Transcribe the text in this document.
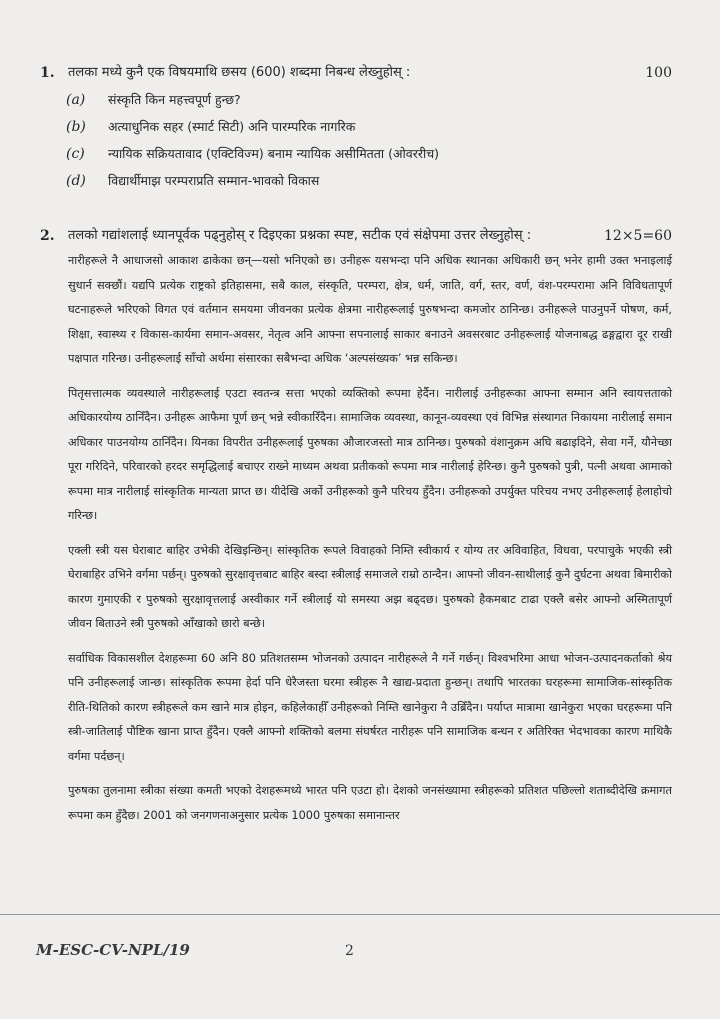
1. तलका मध्ये कुनै एक विषयमाथि छसय (600) शब्दमा निबन्ध लेख्नुहोस् :	100
(a)	संस्कृति किन महत्त्वपूर्ण हुन्छ?
(b)	अत्याधुनिक सहर (स्मार्ट सिटी) अनि पारम्परिक नागरिक
(c)	न्यायिक सक्रियतावाद (एक्टिविज्म) बनाम न्यायिक असीमितता (ओवररीच)
(d)	विद्यार्थीमाझ परम्पराप्रति सम्मान-भावको विकास
2. तलको गद्यांशलाई ध्यानपूर्वक पढ्नुहोस् र दिइएका प्रश्नका स्पष्ट, सटीक एवं संक्षेपमा उत्तर लेख्नुहोस् :	12×5=60

नारीहरूले नै आधाजसो आकाश ढाकेका छन्—यसो भनिएको छ। उनीहरू यसभन्दा पनि अधिक स्थानका अधिकारी छन् भनेर हामी उक्त भनाइलाई सुधार्न सक्छौं। यद्यपि प्रत्येक राष्ट्रको इतिहासमा, सबै काल, संस्कृति, परम्परा, क्षेत्र, धर्म, जाति, वर्ग, स्तर, वर्ण, वंश-परम्परामा अनि विविधतापूर्ण घटनाहरूले भरिएको विगत एवं वर्तमान समयमा जीवनका प्रत्येक क्षेत्रमा नारीहरूलाई पुरुषभन्दा कमजोर ठानिन्छ। उनीहरूले पाउनुपर्ने पोषण, कर्म, शिक्षा, स्वास्थ्य र विकास-कार्यमा समान-अवसर, नेतृत्व अनि आफ्ना सपनालाई साकार बनाउने अवसरबाट उनीहरूलाई योजनाबद्ध ढङ्गद्वारा दूर राखी पक्षपात गरिन्छ। उनीहरूलाई साँचो अर्थमा संसारका सबैभन्दा अधिक ‘अल्पसंख्यक’ भन्न सकिन्छ।

पितृसत्तात्मक व्यवस्थाले नारीहरूलाई एउटा स्वतन्त्र सत्ता भएको व्यक्तिको रूपमा हेर्दैन। नारीलाई उनीहरूका आफ्ना सम्मान अनि स्वायत्तताको अधिकारयोग्य ठानिँदैन। उनीहरू आफैमा पूर्ण छन् भन्ने स्वीकारिँदैन। सामाजिक व्यवस्था, कानून-व्यवस्था एवं विभिन्न संस्थागत निकायमा नारीलाई समान अधिकार पाउनयोग्य ठानिँदैन। यिनका विपरीत उनीहरूलाई पुरुषका औजारजस्तो मात्र ठानिन्छ। पुरुषको वंशानुक्रम अघि बढाइदिने, सेवा गर्ने, यौनेच्छा पूरा गरिदिने, परिवारको हरदर समृद्धिलाई बचाएर राख्ने माध्यम अथवा प्रतीकको रूपमा मात्र नारीलाई हेरिन्छ। कुनै पुरुषको पुत्री, पत्नी अथवा आमाको रूपमा मात्र नारीलाई सांस्कृतिक मान्यता प्राप्त छ। यीदेखि अर्को उनीहरूको कुनै परिचय हुँदैन। उनीहरूको उपर्युक्त परिचय नभए उनीहरूलाई हेलाहोचो गरिन्छ।

एक्ली स्त्री यस घेराबाट बाहिर उभेकी देखिइन्छिन्। सांस्कृतिक रूपले विवाहको निम्ति स्वीकार्य र योग्य तर अविवाहित, विधवा, परपाचुके भएकी स्त्री घेराबाहिर उभिने वर्गमा पर्छन्। पुरुषको सुरक्षावृत्तबाट बाहिर बस्दा स्त्रीलाई समाजले राम्रो ठान्दैन। आफ्नो जीवन-साथीलाई कुनै दुर्घटना अथवा बिमारीको कारण गुमाएकी र पुरुषको सुरक्षावृत्तलाई अस्वीकार गर्ने स्त्रीलाई यो समस्या अझ बढ्दछ। पुरुषको हैकमबाट टाढा एक्लै बसेर आफ्नो अस्मितापूर्ण जीवन बिताउने स्त्री पुरुषको आँखाको छारो बन्छे।

सर्वाधिक विकासशील देशहरूमा 60 अनि 80 प्रतिशतसम्म भोजनको उत्पादन नारीहरूले नै गर्ने गर्छन्। विश्वभरिमा आधा भोजन-उत्पादनकर्ताको श्रेय पनि उनीहरूलाई जान्छ। सांस्कृतिक रूपमा हेर्दा पनि धेरैजस्ता घरमा स्त्रीहरू नै खाद्य-प्रदाता हुन्छन्। तथापि भारतका घरहरूमा सामाजिक-सांस्कृतिक रीति-थितिको कारण स्त्रीहरूले कम खाने मात्र होइन, कहिलेकाहीँ उनीहरूको निम्ति खानेकुरा नै उब्रिँदैन। पर्याप्त मात्रामा खानेकुरा भएका घरहरूमा पनि स्त्री-जातिलाई पौष्टिक खाना प्राप्त हुँदैन। एक्लै आफ्नो शक्तिको बलमा संघर्षरत नारीहरू पनि सामाजिक बन्धन र अतिरिक्त भेदभावका कारण माथिकै वर्गमा पर्दछन्।

पुरुषका तुलनामा स्त्रीका संख्या कमती भएको देशहरूमध्ये भारत पनि एउटा हो। देशको जनसंख्यामा स्त्रीहरूको प्रतिशत पछिल्लो शताब्दीदेखि क्रमागत रूपमा कम हुँदैछ। 2001 को जनगणनाअनुसार प्रत्येक 1000 पुरुषका समानान्तर

M-ESC-CV-NPL/19	2
